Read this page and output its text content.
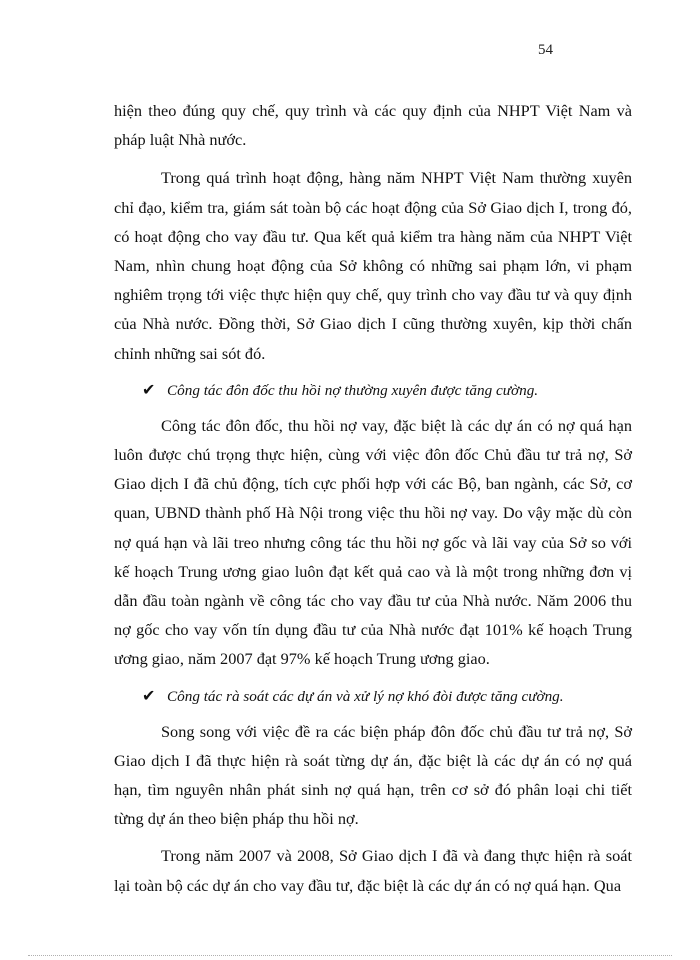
54

hiện theo đúng quy chế, quy trình và các quy định của NHPT Việt Nam và pháp luật Nhà nước.

Trong quá trình hoạt động, hàng năm NHPT Việt Nam thường xuyên chỉ đạo, kiểm tra, giám sát toàn bộ các hoạt động của Sở Giao dịch I, trong đó, có hoạt động cho vay đầu tư. Qua kết quả kiểm tra hàng năm của NHPT Việt Nam, nhìn chung hoạt động của Sở không có những sai phạm lớn, vi phạm nghiêm trọng tới việc thực hiện quy chế, quy trình cho vay đầu tư và quy định của Nhà nước. Đồng thời, Sở Giao dịch I cũng thường xuyên, kịp thời chấn chỉnh những sai sót đó.

✔ Công tác đôn đốc thu hồi nợ thường xuyên được tăng cường.

Công tác đôn đốc, thu hồi nợ vay, đặc biệt là các dự án có nợ quá hạn luôn được chú trọng thực hiện, cùng với việc đôn đốc Chủ đầu tư trả nợ, Sở Giao dịch I đã chủ động, tích cực phối hợp với các Bộ, ban ngành, các Sở, cơ quan, UBND thành phố Hà Nội trong việc thu hồi nợ vay. Do vậy mặc dù còn nợ quá hạn và lãi treo nhưng công tác thu hồi nợ gốc và lãi vay của Sở so với kế hoạch Trung ương giao luôn đạt kết quả cao và là một trong những đơn vị dẫn đầu toàn ngành về công tác cho vay đầu tư của Nhà nước. Năm 2006 thu nợ gốc cho vay vốn tín dụng đầu tư của Nhà nước đạt 101% kế hoạch Trung ương giao, năm 2007 đạt 97% kế hoạch Trung ương giao.

✔ Công tác rà soát các dự án và xử lý nợ khó đòi được tăng cường.

Song song với việc đề ra các biện pháp đôn đốc chủ đầu tư trả nợ, Sở Giao dịch I đã thực hiện rà soát từng dự án, đặc biệt là các dự án có nợ quá hạn, tìm nguyên nhân phát sinh nợ quá hạn, trên cơ sở đó phân loại chi tiết từng dự án theo biện pháp thu hồi nợ.

Trong năm 2007 và 2008, Sở Giao dịch I đã và đang thực hiện rà soát lại toàn bộ các dự án cho vay đầu tư, đặc biệt là các dự án có nợ quá hạn. Qua
